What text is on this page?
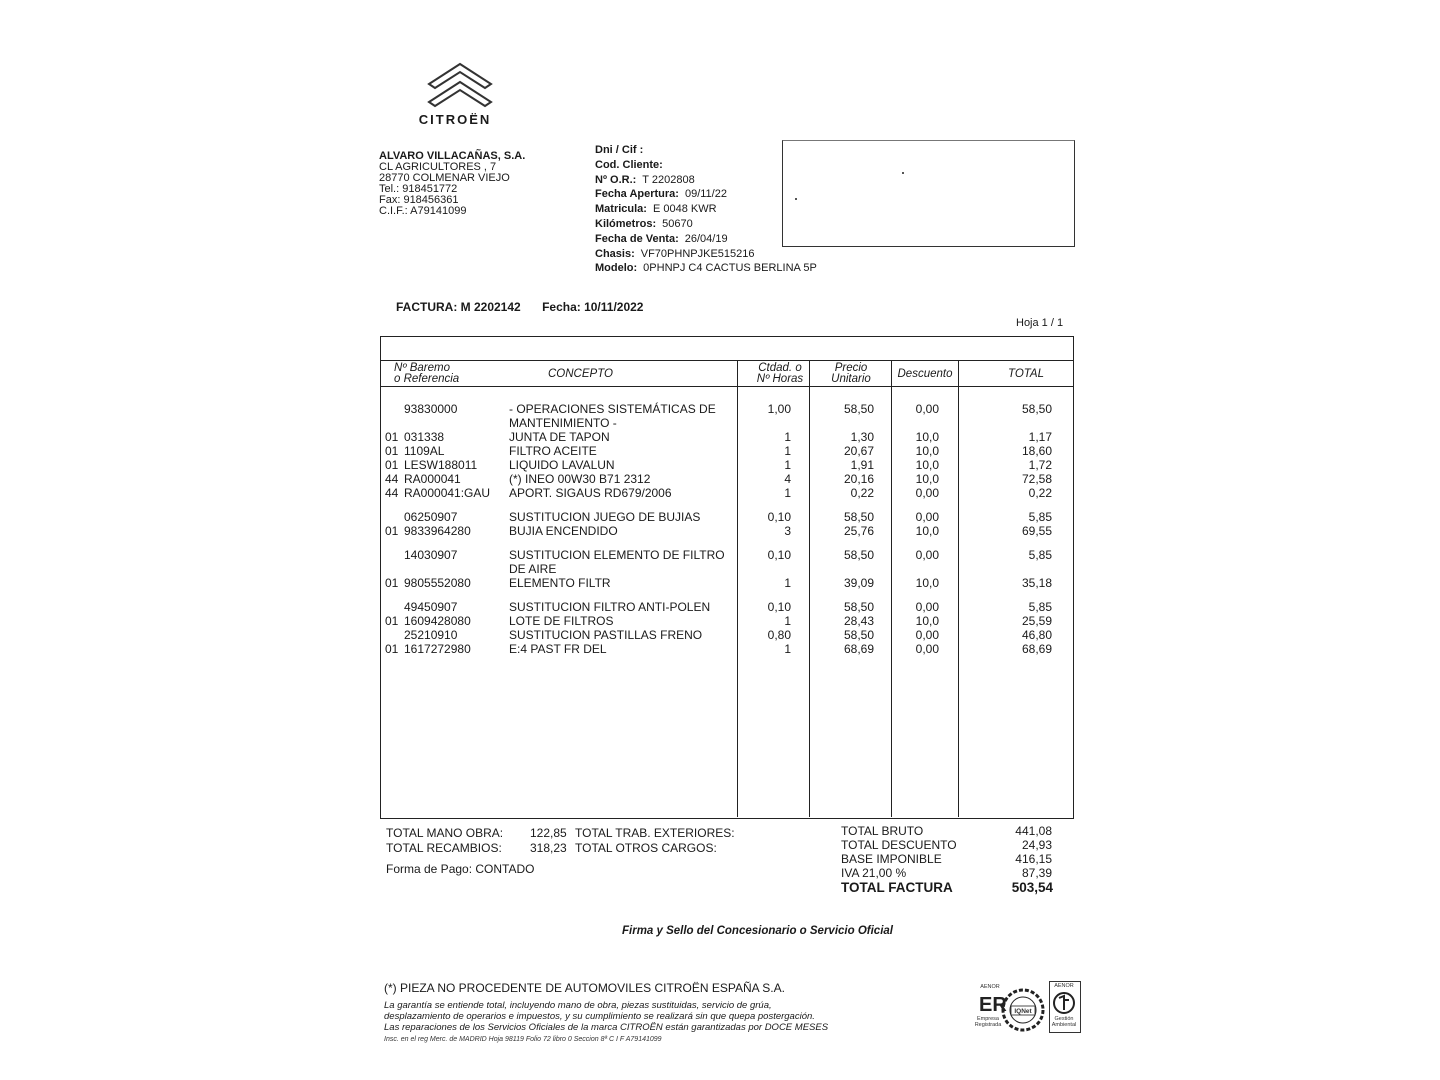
CITROËN
ALVARO VILLACAÑAS, S.A.
CL AGRICULTORES , 7
28770 COLMENAR VIEJO
Tel.: 918451772
Fax: 918456361
C.I.F.: A79141099
Dni / Cif :
Cod. Cliente:
Nº O.R.: T 2202808
Fecha Apertura: 09/11/22
Matricula: E 0048 KWR
Kilómetros: 50670
Fecha de Venta: 26/04/19
Chasis: VF70PHNPJKE515216
Modelo: 0PHNPJ C4 CACTUS BERLINA 5P
FACTURA: M 2202142 Fecha: 10/11/2022
Hoja 1 / 1
Nº Baremo
o Referencia	CONCEPTO	Ctdad. o
Nº Horas
Precio
Unitario	Descuento	TOTAL
93830000	- OPERACIONES SISTEMÁTICAS DE	1,00	58,50	0,00	58,50
MANTENIMIENTO -
01 031338	JUNTA DE TAPON	1	1,30	10,0	1,17
01 1109AL	FILTRO ACEITE	1	20,67	10,0	18,60
01 LESW188011	LIQUIDO LAVALUN	1	1,91	10,0	1,72
44 RA000041	(*) INEO 00W30 B71 2312	4	20,16	10,0	72,58
44 RA000041:GAU APORT. SIGAUS RD679/2006	1	0,22	0,00	0,22
06250907	SUSTITUCION JUEGO DE BUJIAS	0,10	58,50	0,00	5,85
01 9833964280	BUJIA ENCENDIDO	3	25,76	10,0	69,55
14030907	SUSTITUCION ELEMENTO DE FILTRO	0,10	58,50	0,00	5,85
DE AIRE
01 9805552080	ELEMENTO FILTR	1	39,09	10,0	35,18
49450907	SUSTITUCION FILTRO ANTI-POLEN	0,10	58,50	0,00	5,85
01 1609428080	LOTE DE FILTROS	1	28,43	10,0	25,59
25210910	SUSTITUCION PASTILLAS FRENO	0,80	58,50	0,00	46,80
01 1617272980	E:4 PAST FR DEL	1	68,69	0,00	68,69
TOTAL MANO OBRA: 122,85 TOTAL TRAB. EXTERIORES:
TOTAL RECAMBIOS: 318,23 TOTAL OTROS CARGOS:
Forma de Pago: CONTADO
TOTAL BRUTO	441,08
TOTAL DESCUENTO	24,93
BASE IMPONIBLE	416,15
IVA 21,00 %	87,39
TOTAL FACTURA	503,54
Firma y Sello del Concesionario o Servicio Oficial
(*) PIEZA NO PROCEDENTE DE AUTOMOVILES CITROËN ESPAÑA S.A.
La garantía se entiende total, incluyendo mano de obra, piezas sustituidas, servicio de grúa,
desplazamiento de operarios e impuestos, y su cumplimiento se realizará sin que quepa postergación.
Las reparaciones de los Servicios Oficiales de la marca CITROËN están garantizadas por DOCE MESES
Insc. en el reg Merc. de MADRID Hoja 98119 Folio 72 libro 0 Seccion 8ª C I F A79141099
AENOR
ER
Empresa Registrada
IQNet
AENOR
Gestión Ambiental
